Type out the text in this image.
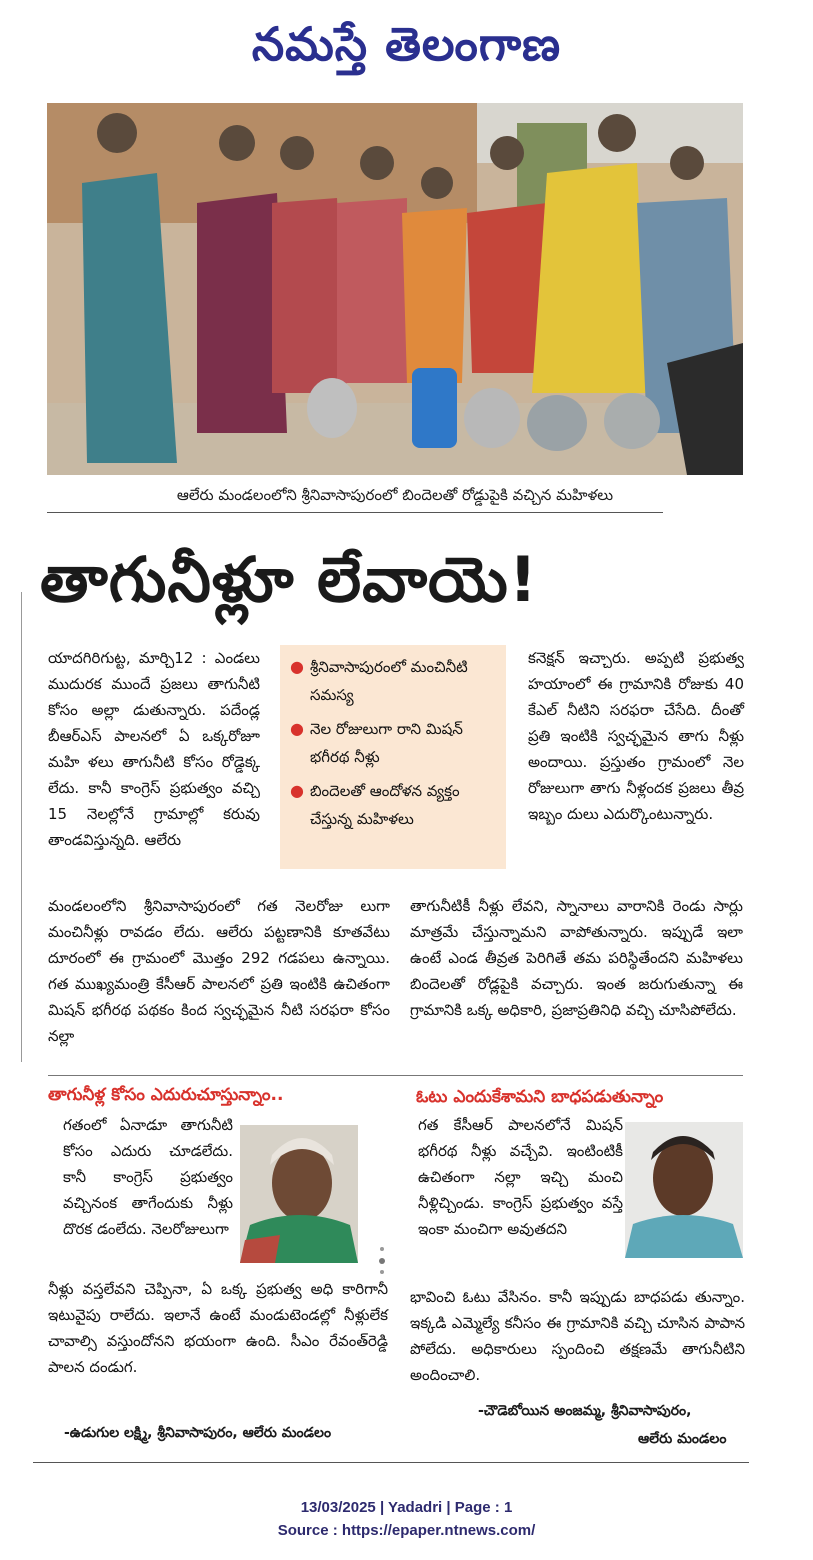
నమస్తే తెలంగాణ
ఆలేరు మండలంలోని శ్రీనివాసాపురంలో బిందెలతో రోడ్డుపైకి వచ్చిన మహిళలు
తాగునీళ్లూ లేవాయె!

యాదగిరిగుట్ట, మార్చి12 : ఎండలు ముదురక ముందే ప్రజలు తాగునీటి కోసం అల్లా డుతున్నారు. పదేండ్ల బీఆర్‌ఎస్‌ పాలనలో ఏ ఒక్కరోజూ మహి ళలు తాగునీటి కోసం రోడ్డెక్క లేదు. కానీ కాంగ్రెస్‌ ప్రభుత్వం వచ్చి 15 నెలల్లోనే గ్రామాల్లో కరువు తాండవిస్తున్నది. ఆలేరు

● శ్రీనివాసాపురంలో మంచినీటి సమస్య
● నెల రోజులుగా రాని మిషన్‌ భగీరథ నీళ్లు
● బిందెలతో ఆందోళన వ్యక్తం చేస్తున్న మహిళలు

కనెక్షన్‌ ఇచ్చారు. అప్పటి ప్రభుత్వ హయాంలో ఈ గ్రామానికి రోజుకు 40 కేఎల్‌ నీటిని సరఫరా చేసేది. దీంతో ప్రతి ఇంటికి స్వచ్ఛమైన తాగు నీళ్లు అందాయి. ప్రస్తుతం గ్రామంలో నెల రోజులుగా తాగు నీళ్లందక ప్రజలు తీవ్ర ఇబ్బం దులు ఎదుర్కొంటున్నారు.

మండలంలోని శ్రీనివాసాపురంలో గత నెలరోజు లుగా మంచినీళ్లు రావడం లేదు. ఆలేరు పట్టణానికి కూతవేటు దూరంలో ఈ గ్రామంలో మొత్తం 292 గడపలు ఉన్నాయి. గత ముఖ్యమంత్రి కేసీఆర్‌ పాలనలో ప్రతి ఇంటికి ఉచితంగా మిషన్‌ భగీరథ పథకం కింద స్వచ్ఛమైన నీటి సరఫరా కోసం నల్లా

తాగునీటికీ నీళ్లు లేవని, స్నానాలు వారానికి రెండు సార్లు మాత్రమే చేస్తున్నామని వాపోతున్నారు. ఇప్పుడే ఇలా ఉంటే ఎండ తీవ్రత పెరిగితే తమ పరిస్థితేందని మహిళలు బిందెలతో రోడ్లపైకి వచ్చారు. ఇంత జరుగుతున్నా ఈ గ్రామానికి ఒక్క అధికారి, ప్రజాప్రతినిధి వచ్చి చూసిపోలేదు.

తాగునీళ్ల కోసం ఎదురుచూస్తున్నాం..	ఓటు ఎందుకేశామని బాధపడుతున్నాం

గతంలో ఏనాడూ తాగునీటి కోసం ఎదురు చూడలేదు. కానీ కాంగ్రెస్‌ ప్రభుత్వం వచ్చినంక తాగేందుకు నీళ్లు దొరక డంలేదు. నెలరోజులుగా

నీళ్లు వస్తలేవని చెప్పినా, ఏ ఒక్క ప్రభుత్వ అధి కారిగానీ ఇటువైపు రాలేదు. ఇలానే ఉంటే మండుటెండల్లో నీళ్లులేక చావాల్సి వస్తుందోనని భయంగా ఉంది. సీఎం రేవంత్‌రెడ్డి పాలన దండుగ.

-ఉడుగుల లక్ష్మి, శ్రీనివాసాపురం, ఆలేరు మండలం

గత కేసీఆర్‌ పాలనలోనే మిషన్‌ భగీరథ నీళ్లు వచ్చేవి. ఇంటింటికీ ఉచితంగా నల్లా ఇచ్చి మంచి నీళ్లిచ్చిండు. కాంగ్రెస్‌ ప్రభుత్వం వస్తే ఇంకా మంచిగా అవుతదని

భావించి ఓటు వేసినం. కానీ ఇప్పుడు బాధపడు తున్నాం. ఇక్కడి ఎమ్మెల్యే కనీసం ఈ గ్రామానికి వచ్చి చూసిన పాపాన పోలేదు. అధికారులు స్పందించి తక్షణమే తాగునీటిని అందించాలి.

-చౌడెబోయిన అంజమ్మ, శ్రీనివాసాపురం,
ఆలేరు మండలం
13/03/2025 | Yadadri | Page : 1
Source : https://epaper.ntnews.com/
